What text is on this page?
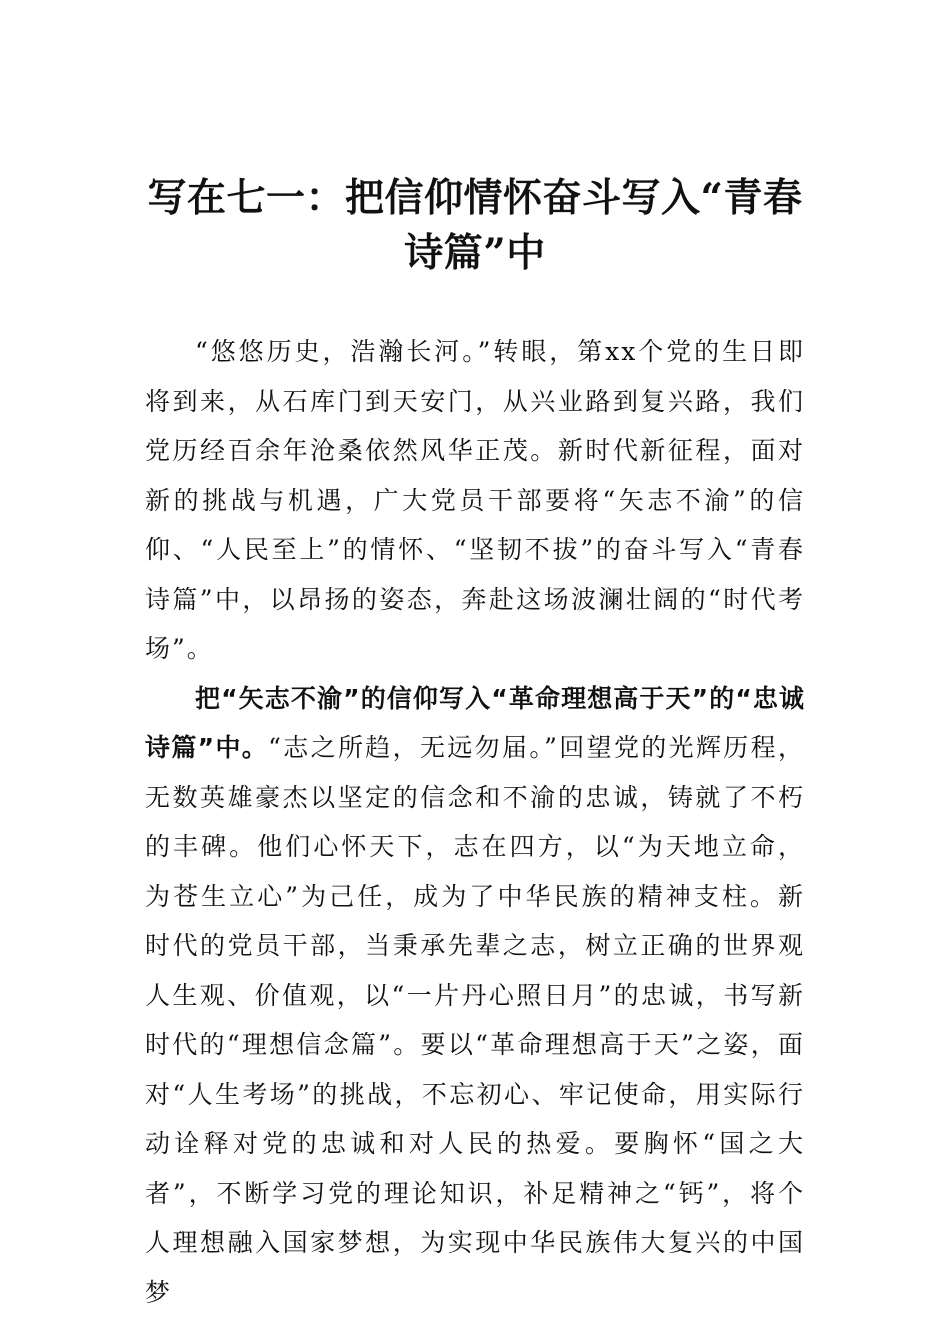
写在七一：把信仰情怀奋斗写入“青春诗篇”中

“悠悠历史，浩瀚长河。”转眼，第xx个党的生日即将到来，从石库门到天安门，从兴业路到复兴路，我们党历经百余年沧桑依然风华正茂。新时代新征程，面对新的挑战与机遇，广大党员干部要将“矢志不渝”的信仰、“人民至上”的情怀、“坚韧不拔”的奋斗写入“青春诗篇”中，以昂扬的姿态，奔赴这场波澜壮阔的“时代考场”。

把“矢志不渝”的信仰写入“革命理想高于天”的“忠诚诗篇”中。“志之所趋，无远勿届。”回望党的光辉历程，无数英雄豪杰以坚定的信念和不渝的忠诚，铸就了不朽的丰碑。他们心怀天下，志在四方，以“为天地立命，为苍生立心”为己任，成为了中华民族的精神支柱。新时代的党员干部，当秉承先辈之志，树立正确的世界观人生观、价值观，以“一片丹心照日月”的忠诚，书写新时代的“理想信念篇”。要以“革命理想高于天”之姿，面对“人生考场”的挑战，不忘初心、牢记使命，用实际行动诠释对党的忠诚和对人民的热爱。要胸怀“国之大者”，不断学习党的理论知识，补足精神之“钙”，将个人理想融入国家梦想，为实现中华民族伟大复兴的中国梦
